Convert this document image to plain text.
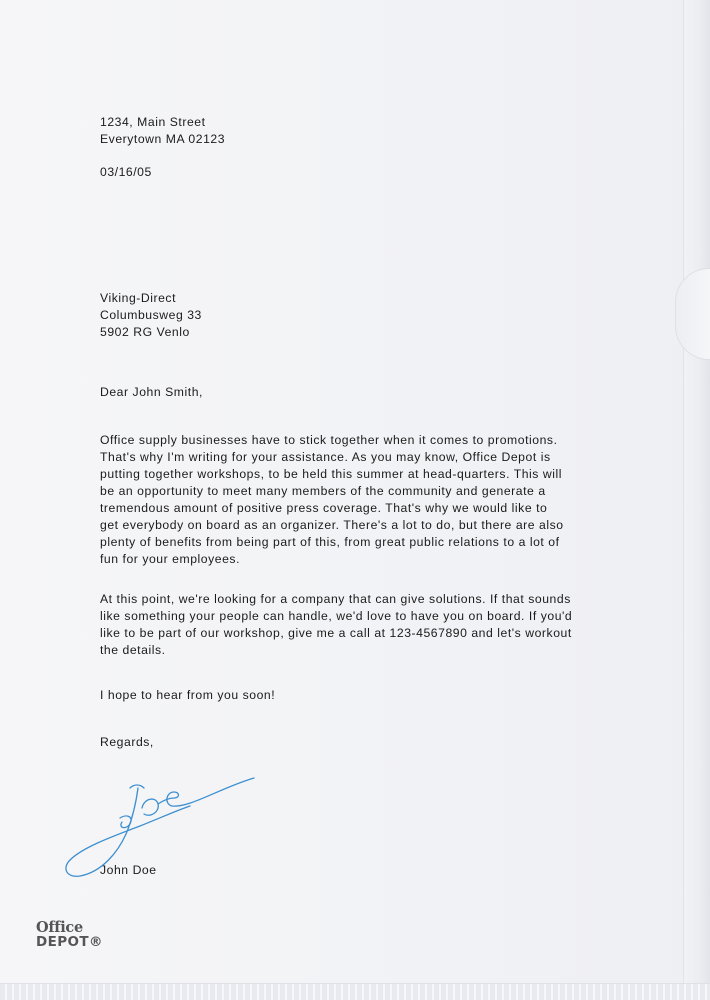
1234, Main Street
Everytown MA 02123
03/16/05
Viking-Direct
Columbusweg 33
5902 RG Venlo
Dear John Smith,
Office supply businesses have to stick together when it comes to promotions.
That's why I'm writing for your assistance. As you may know, Office Depot is
putting together workshops, to be held this summer at head-quarters. This will
be an opportunity to meet many members of the community and generate a
tremendous amount of positive press coverage. That's why we would like to
get everybody on board as an organizer. There's a lot to do, but there are also
plenty of benefits from being part of this, from great public relations to a lot of
fun for your employees.
At this point, we're looking for a company that can give solutions. If that sounds
like something your people can handle, we'd love to have you on board. If you'd
like to be part of our workshop, give me a call at 123-4567890 and let's workout
the details.
I hope to hear from you soon!
Regards,
John Doe
Office
DEPOT®
